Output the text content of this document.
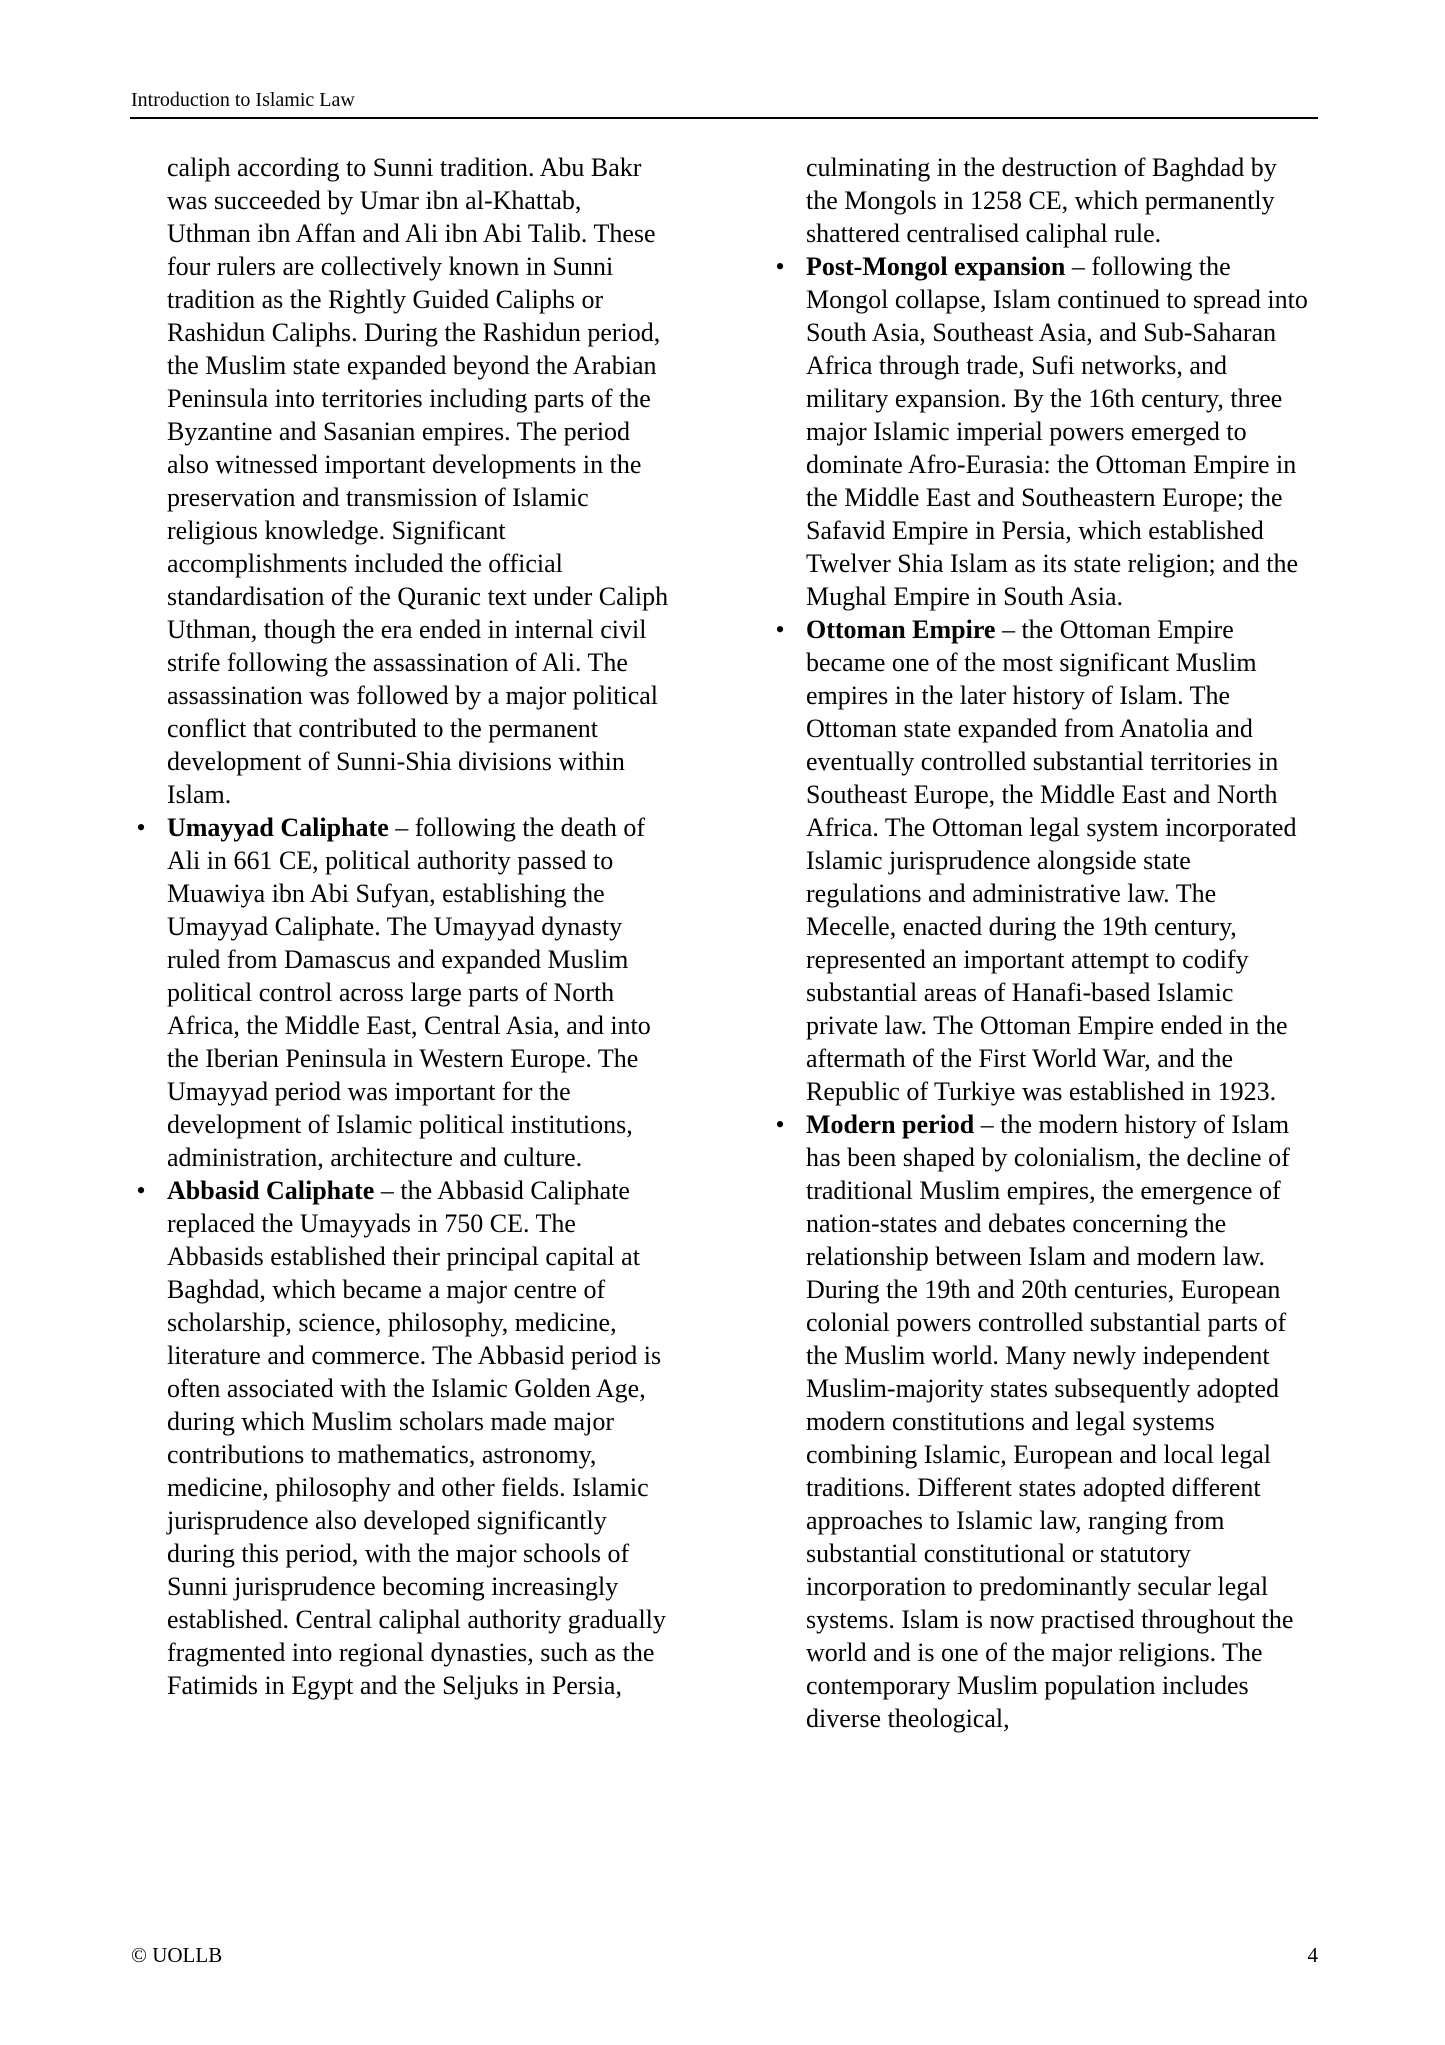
Introduction to Islamic Law

caliph according to Sunni tradition. Abu Bakr was succeeded by Umar ibn al-Khattab, Uthman ibn Affan and Ali ibn Abi Talib. These four rulers are collectively known in Sunni tradition as the Rightly Guided Caliphs or Rashidun Caliphs. During the Rashidun period, the Muslim state expanded beyond the Arabian Peninsula into territories including parts of the Byzantine and Sasanian empires. The period also witnessed important developments in the preservation and transmission of Islamic religious knowledge. Significant accomplishments included the official standardisation of the Quranic text under Caliph Uthman, though the era ended in internal civil strife following the assassination of Ali. The assassination was followed by a major political conflict that contributed to the permanent development of Sunni-Shia divisions within Islam.

• Umayyad Caliphate – following the death of Ali in 661 CE, political authority passed to Muawiya ibn Abi Sufyan, establishing the Umayyad Caliphate. The Umayyad dynasty ruled from Damascus and expanded Muslim political control across large parts of North Africa, the Middle East, Central Asia, and into the Iberian Peninsula in Western Europe. The Umayyad period was important for the development of Islamic political institutions, administration, architecture and culture.
• Abbasid Caliphate – the Abbasid Caliphate replaced the Umayyads in 750 CE. The Abbasids established their principal capital at Baghdad, which became a major centre of scholarship, science, philosophy, medicine, literature and commerce. The Abbasid period is often associated with the Islamic Golden Age, during which Muslim scholars made major contributions to mathematics, astronomy, medicine, philosophy and other fields. Islamic jurisprudence also developed significantly during this period, with the major schools of Sunni jurisprudence becoming increasingly established. Central caliphal authority gradually fragmented into regional dynasties, such as the Fatimids in Egypt and the Seljuks in Persia,

culminating in the destruction of Baghdad by the Mongols in 1258 CE, which permanently shattered centralised caliphal rule.

• Post-Mongol expansion – following the Mongol collapse, Islam continued to spread into South Asia, Southeast Asia, and Sub-Saharan Africa through trade, Sufi networks, and military expansion. By the 16th century, three major Islamic imperial powers emerged to dominate Afro-Eurasia: the Ottoman Empire in the Middle East and Southeastern Europe; the Safavid Empire in Persia, which established Twelver Shia Islam as its state religion; and the Mughal Empire in South Asia.
• Ottoman Empire – the Ottoman Empire became one of the most significant Muslim empires in the later history of Islam. The Ottoman state expanded from Anatolia and eventually controlled substantial territories in Southeast Europe, the Middle East and North Africa. The Ottoman legal system incorporated Islamic jurisprudence alongside state regulations and administrative law. The Mecelle, enacted during the 19th century, represented an important attempt to codify substantial areas of Hanafi-based Islamic private law. The Ottoman Empire ended in the aftermath of the First World War, and the Republic of Turkiye was established in 1923.
• Modern period – the modern history of Islam has been shaped by colonialism, the decline of traditional Muslim empires, the emergence of nation-states and debates concerning the relationship between Islam and modern law. During the 19th and 20th centuries, European colonial powers controlled substantial parts of the Muslim world. Many newly independent Muslim-majority states subsequently adopted modern constitutions and legal systems combining Islamic, European and local legal traditions. Different states adopted different approaches to Islamic law, ranging from substantial constitutional or statutory incorporation to predominantly secular legal systems. Islam is now practised throughout the world and is one of the major religions. The contemporary Muslim population includes diverse theological,
© UOLLB	4
